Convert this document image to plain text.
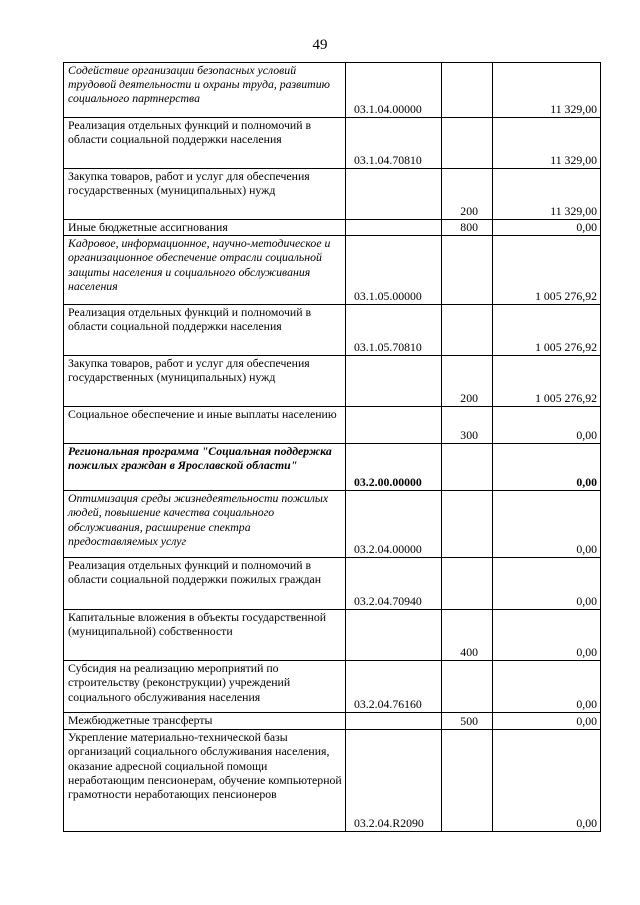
49
Содействие организации безопасных условий трудовой деятельности и охраны труда, развитию социального партнерства	03.1.04.00000		11 329,00
Реализация отдельных функций и полномочий в области социальной поддержки населения	03.1.04.70810		11 329,00
Закупка товаров, работ и услуг для обеспечения государственных (муниципальных) нужд		200	11 329,00
Иные бюджетные ассигнования		800	0,00
Кадровое, информационное, научно-методическое и организационное обеспечение отрасли социальной защиты населения и социального обслуживания населения	03.1.05.00000		1 005 276,92
Реализация отдельных функций и полномочий в области социальной поддержки населения	03.1.05.70810		1 005 276,92
Закупка товаров, работ и услуг для обеспечения государственных (муниципальных) нужд		200	1 005 276,92
Социальное обеспечение и иные выплаты населению		300	0,00
Региональная программа "Социальная поддержка пожилых граждан в Ярославской области"	03.2.00.00000		0,00
Оптимизация среды жизнедеятельности пожилых людей, повышение качества социального обслуживания, расширение спектра предоставляемых услуг	03.2.04.00000		0,00
Реализация отдельных функций и полномочий в области социальной поддержки пожилых граждан	03.2.04.70940		0,00
Капитальные вложения в объекты государственной (муниципальной) собственности		400	0,00
Субсидия на реализацию мероприятий по строительству (реконструкции) учреждений социального обслуживания населения	03.2.04.76160		0,00
Межбюджетные трансферты		500	0,00
Укрепление материально-технической базы организаций социального обслуживания населения, оказание адресной социальной помощи неработающим пенсионерам, обучение компьютерной грамотности неработающих пенсионеров	03.2.04.R2090		0,00
